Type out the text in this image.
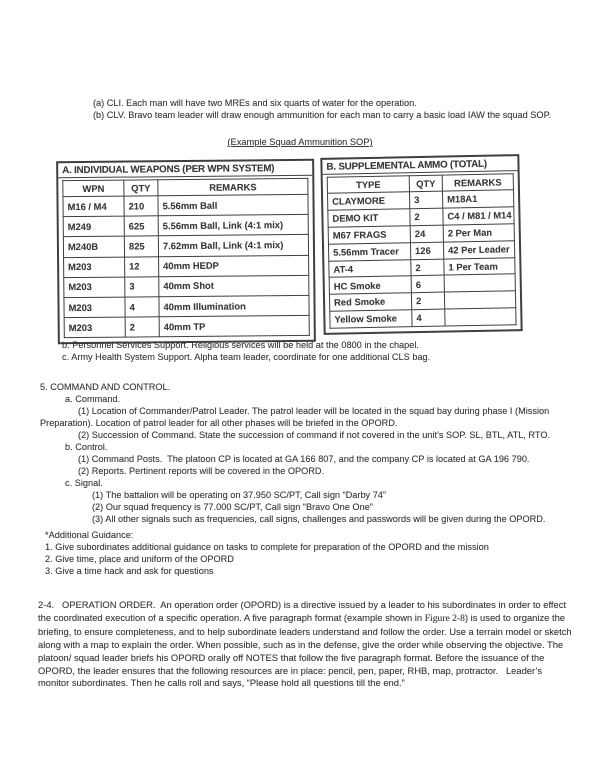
(a) CLI. Each man will have two MREs and six quarts of water for the operation.

(b) CLV. Bravo team leader will draw enough ammunition for each man to carry a basic load IAW the squad SOP.

(Example Squad Ammunition SOP)
A. INDIVIDUAL WEAPONS (PER WPN SYSTEM)
WPN	QTY	REMARKS
M16 / M4	210	5.56mm Ball
M249	625	5.56mm Ball, Link (4:1 mix)
M240B	825	7.62mm Ball, Link (4:1 mix)
M203	12	40mm HEDP
M203	3	40mm Shot
M203	4	40mm Illumination
M203	2	40mm TP
B. SUPPLEMENTAL AMMO (TOTAL)
TYPE	QTY	REMARKS
CLAYMORE	3	M18A1
DEMO KIT	2	C4 / M81 / M14
M67 FRAGS	24	2 Per Man
5.56mm Tracer	126	42 Per Leader
AT-4	2	1 Per Team
HC Smoke	6	
Red Smoke	2	
Yellow Smoke	4	

b. Personnel Services Support. Religious services will be held at the 0800 in the chapel.

c. Army Health System Support. Alpha team leader, coordinate for one additional CLS bag.

5. COMMAND AND CONTROL.

a. Command.

(1) Location of Commander/Patrol Leader. The patrol leader will be located in the squad bay during phase I (Mission Preparation). Location of patrol leader for all other phases will be briefed in the OPORD.

(2) Succession of Command. State the succession of command if not covered in the unit’s SOP. SL, BTL, ATL, RTO.

b. Control.

(1) Command Posts.  The platoon CP is located at GA 166 807, and the company CP is located at GA 196 790.

(2) Reports. Pertinent reports will be covered in the OPORD.

c. Signal.

(1) The battalion will be operating on 37.950 SC/PT, Call sign “Darby 74”

(2) Our squad frequency is 77.000 SC/PT, Call sign “Bravo One One”

(3) All other signals such as frequencies, call signs, challenges and passwords will be given during the OPORD.

*Additional Guidance:

1. Give subordinates additional guidance on tasks to complete for preparation of the OPORD and the mission

2. Give time, place and uniform of the OPORD

3. Give a time hack and ask for questions

2-4.   OPERATION ORDER.  An operation order (OPORD) is a directive issued by a leader to his subordinates in order to effect the coordinated execution of a specific operation. A five paragraph format (example shown in Figure 2-8) is used to organize the briefing, to ensure completeness, and to help subordinate leaders understand and follow the order. Use a terrain model or sketch along with a map to explain the order. When possible, such as in the defense, give the order while observing the objective. The platoon/ squad leader briefs his OPORD orally off NOTES that follow the five paragraph format. Before the issuance of the OPORD, the leader ensures that the following resources are in place: pencil, pen, paper, RHB, map, protractor.   Leader’s monitor subordinates. Then he calls roll and says, “Please hold all questions till the end.”
